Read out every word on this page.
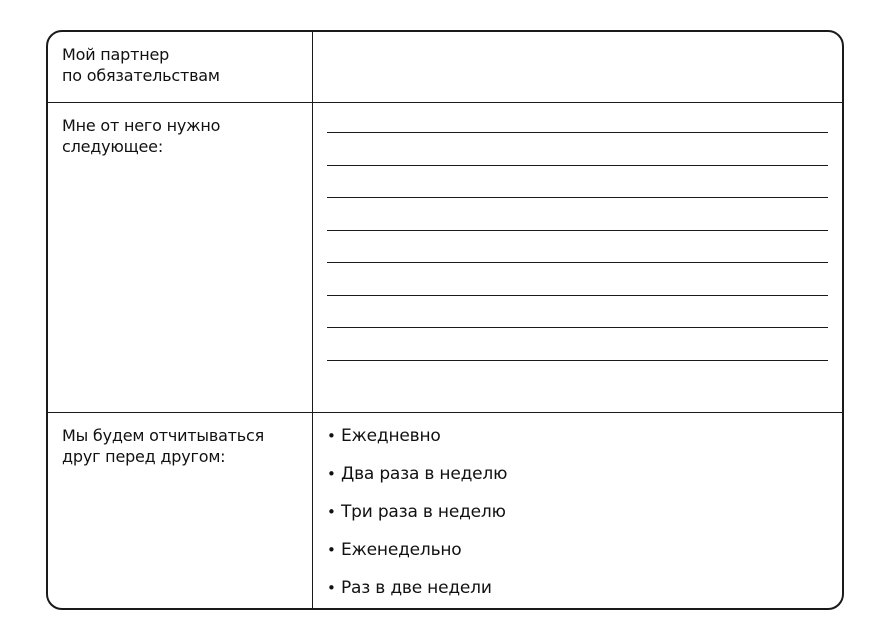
Мой партнер
по обязательствам
Мне от него нужно
следующее:
Мы будем отчитываться
друг перед другом:
• Ежедневно
• Два раза в неделю
• Три раза в неделю
• Еженедельно
• Раз в две недели
